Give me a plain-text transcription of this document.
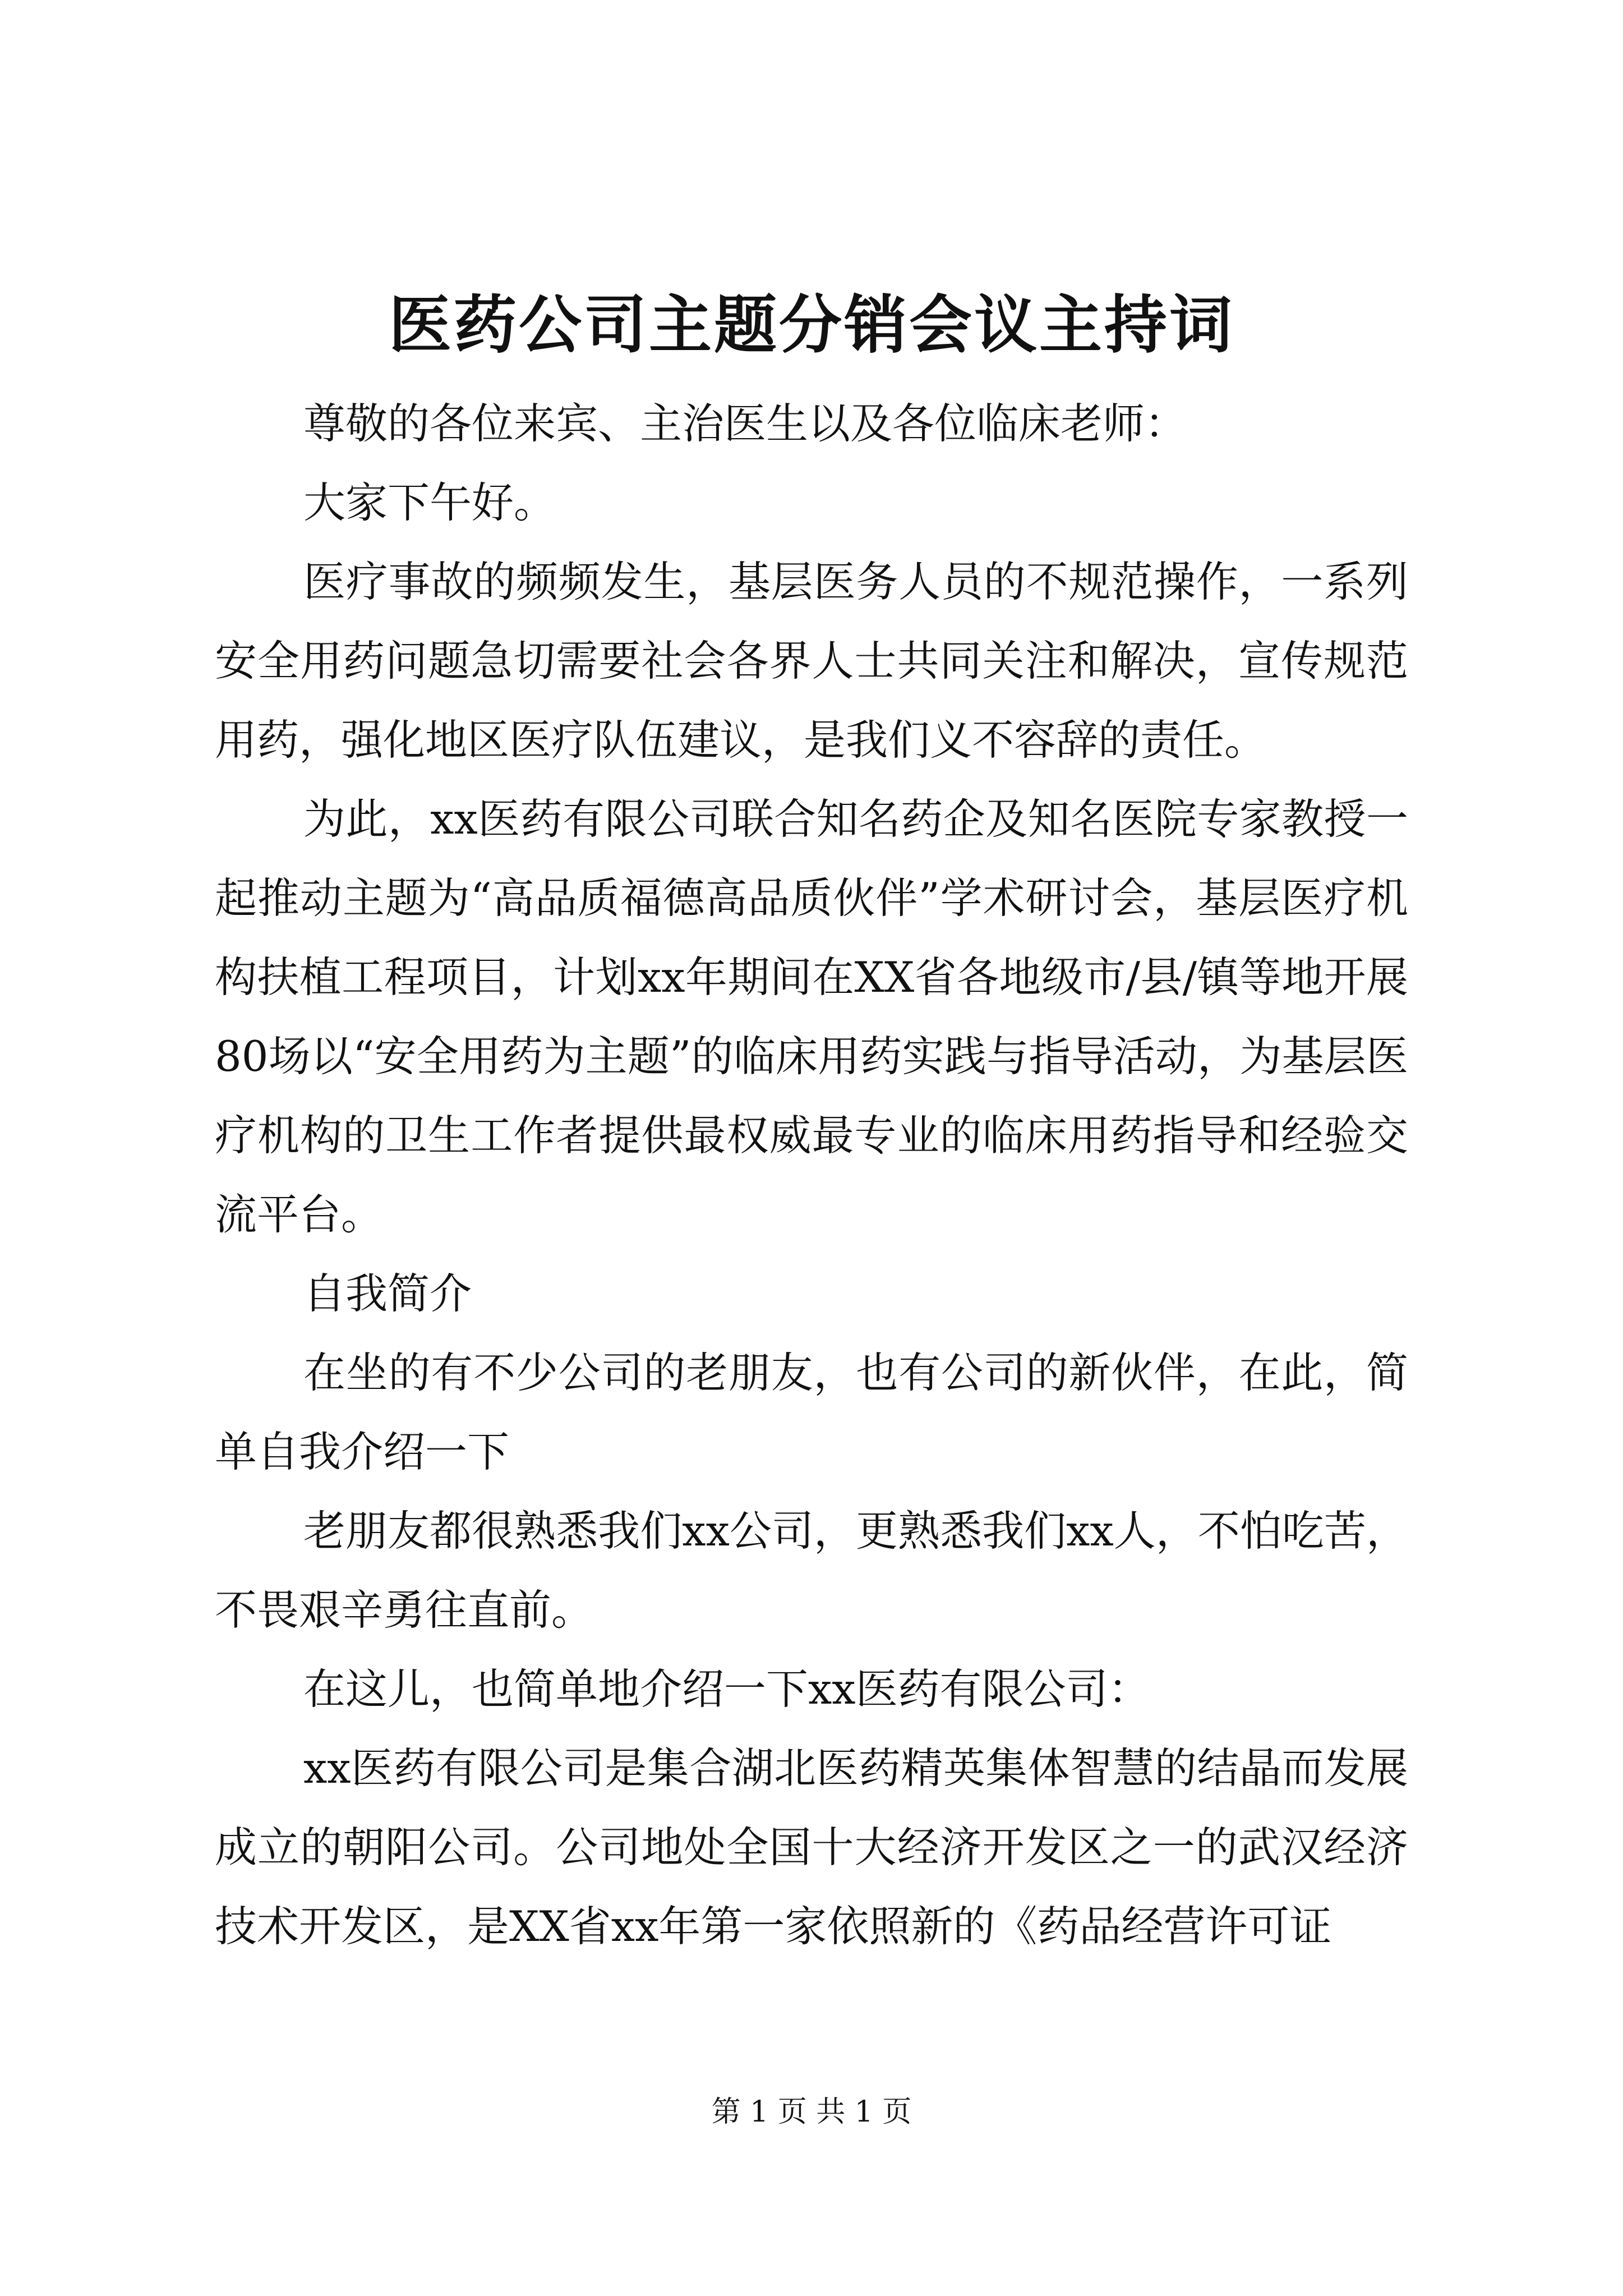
医药公司主题分销会议主持词

尊敬的各位来宾、主治医生以及各位临床老师：

大家下午好。

医疗事故的频频发生，基层医务人员的不规范操作，一系列安全用药问题急切需要社会各界人士共同关注和解决，宣传规范用药，强化地区医疗队伍建议，是我们义不容辞的责任。

为此，xx医药有限公司联合知名药企及知名医院专家教授一起推动主题为“高品质福德高品质伙伴”学术研讨会，基层医疗机构扶植工程项目，计划xx年期间在XX省各地级市/县/镇等地开展80场以“安全用药为主题”的临床用药实践与指导活动，为基层医疗机构的卫生工作者提供最权威最专业的临床用药指导和经验交流平台。

自我简介

在坐的有不少公司的老朋友，也有公司的新伙伴，在此，简单自我介绍一下

老朋友都很熟悉我们xx公司，更熟悉我们xx人，不怕吃苦，不畏艰辛勇往直前。

在这儿，也简单地介绍一下xx医药有限公司：

xx医药有限公司是集合湖北医药精英集体智慧的结晶而发展成立的朝阳公司。公司地处全国十大经济开发区之一的武汉经济技术开发区，是XX省xx年第一家依照新的《药品经营许可证

第 1 页 共 1 页
